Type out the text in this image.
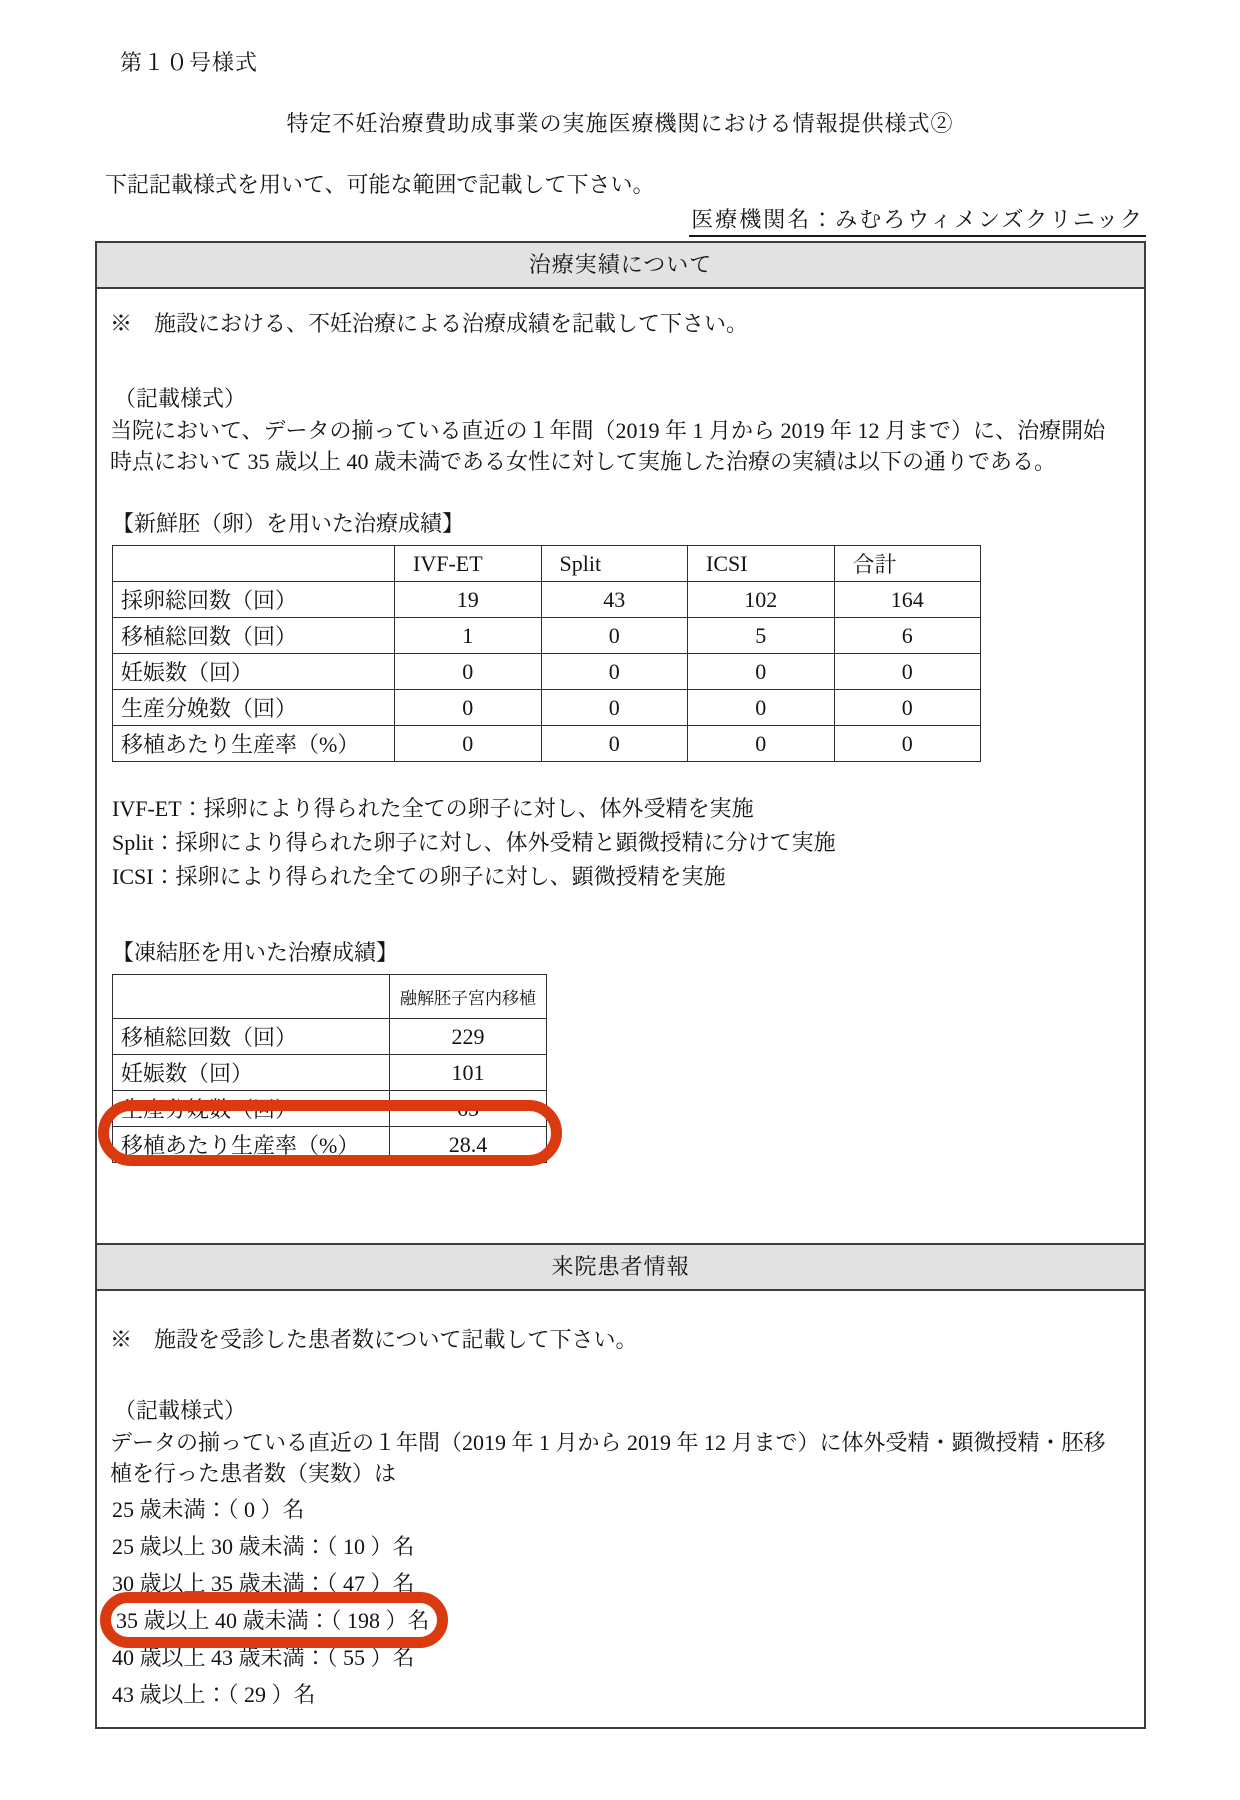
第１０号様式
特定不妊治療費助成事業の実施医療機関における情報提供様式②
下記記載様式を用いて、可能な範囲で記載して下さい。
医療機関名：みむろウィメンズクリニック
治療実績について

※　施設における、不妊治療による治療成績を記載して下さい。

（記載様式）

当院において、データの揃っている直近の１年間（2019 年 1 月から 2019 年 12 月まで）に、治療開始時点において 35 歳以上 40 歳未満である女性に対して実施した治療の実績は以下の通りである。

【新鮮胚（卵）を用いた治療成績】

	IVF-ET	Split	ICSI	合計
採卵総回数（回）	19	43	102	164
移植総回数（回）	1	0	5	6
妊娠数（回）	0	0	0	0
生産分娩数（回）	0	0	0	0
移植あたり生産率（%）	0	0	0	0
IVF-ET：採卵により得られた全ての卵子に対し、体外受精を実施
Split：採卵により得られた卵子に対し、体外受精と顕微授精に分けて実施
ICSI：採卵により得られた全ての卵子に対し、顕微授精を実施

【凍結胚を用いた治療成績】

	融解胚子宮内移植
移植総回数（回）	229
妊娠数（回）	101
生産分娩数（回）	65
移植あたり生産率（%）	28.4
来院患者情報

※　施設を受診した患者数について記載して下さい。

（記載様式）

データの揃っている直近の１年間（2019 年 1 月から 2019 年 12 月まで）に体外受精・顕微授精・胚移植を行った患者数（実数）は

25 歳未満：（ 0 ）名
25 歳以上 30 歳未満：（ 10 ）名
30 歳以上 35 歳未満：（ 47 ）名
35 歳以上 40 歳未満：（ 198 ）名
40 歳以上 43 歳未満：（ 55 ）名
43 歳以上：（ 29 ）名
